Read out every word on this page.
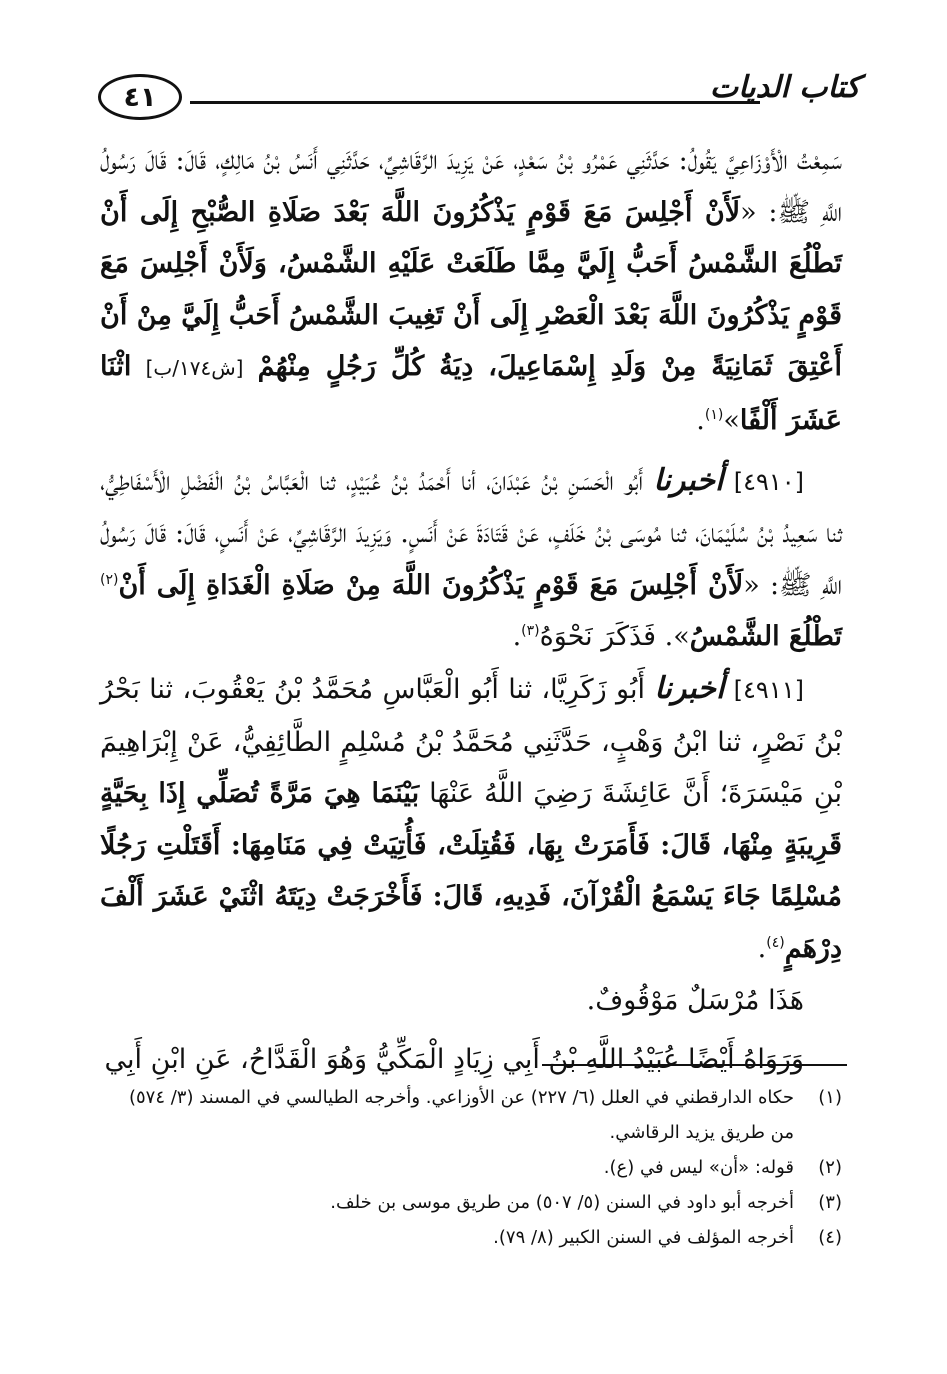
٤١	كتاب الديات

سَمِعْتُ الْأَوْزَاعِيَّ يَقُولُ: حَدَّثَنِي عَمْرُو بْنُ سَعْدٍ، عَنْ يَزِيدَ الرَّقَاشِيِّ، حَدَّثَنِي أَنَسُ بْنُ مَالِكٍ، قَالَ: قَالَ رَسُولُ اللَّهِ ﷺ: «لَأَنْ أَجْلِسَ مَعَ قَوْمٍ يَذْكُرُونَ اللَّهَ بَعْدَ صَلَاةِ الصُّبْحِ إِلَى أَنْ تَطْلُعَ الشَّمْسُ أَحَبُّ إِلَيَّ مِمَّا طَلَعَتْ عَلَيْهِ الشَّمْسُ، وَلَأَنْ أَجْلِسَ مَعَ قَوْمٍ يَذْكُرُونَ اللَّهَ بَعْدَ الْعَصْرِ إِلَى أَنْ تَغِيبَ الشَّمْسُ أَحَبُّ إِلَيَّ مِنْ أَنْ أَعْتِقَ ثَمَانِيَةً مِنْ وَلَدِ إِسْمَاعِيلَ، دِيَةُ كُلِّ رَجُلٍ مِنْهُمْ [ش١٧٤/ب] اثْنَا عَشَرَ أَلْفًا»$^{(١)}$.

[٤٩١٠] أخبرنا أَبُو الْحَسَنِ بْنُ عَبْدَانَ، أنا أَحْمَدُ بْنُ عُبَيْدٍ، ثنا الْعَبَّاسُ بْنُ الْفَضْلِ الْأَسْفَاطِيُّ، ثنا سَعِيدُ بْنُ سُلَيْمَانَ، ثنا مُوسَى بْنُ خَلَفٍ، عَنْ قَتَادَةَ عَنْ أَنَسٍ. وَيَزِيدَ الرَّقَاشِيِّ، عَنْ أَنَسٍ، قَالَ: قَالَ رَسُولُ اللَّهِ ﷺ: «لَأَنْ أَجْلِسَ مَعَ قَوْمٍ يَذْكُرُونَ اللَّهَ مِنْ صَلَاةِ الْغَدَاةِ إِلَى أَنْ$^{(٢)}$ تَطْلُعَ الشَّمْسُ». فَذَكَرَ نَحْوَهُ$^{(٣)}$.

[٤٩١١] أخبرنا أَبُو زَكَرِيَّا، ثنا أَبُو الْعَبَّاسِ مُحَمَّدُ بْنُ يَعْقُوبَ، ثنا بَحْرُ بْنُ نَصْرٍ، ثنا ابْنُ وَهْبٍ، حَدَّثَنِي مُحَمَّدُ بْنُ مُسْلِمٍ الطَّائِفِيُّ، عَنْ إِبْرَاهِيمَ بْنِ مَيْسَرَةَ؛ أَنَّ عَائِشَةَ رَضِيَ اللَّهُ عَنْهَا بَيْنَمَا هِيَ مَرَّةً تُصَلِّي إِذَا بِحَيَّةٍ قَرِيبَةٍ مِنْهَا، قَالَ: فَأَمَرَتْ بِهَا، فَقُتِلَتْ، فَأُتِيَتْ فِي مَنَامِهَا: أَقَتَلْتِ رَجُلًا مُسْلِمًا جَاءَ يَسْمَعُ الْقُرْآنَ، فَدِيهِ، قَالَ: فَأَخْرَجَتْ دِيَتَهُ اثْنَيْ عَشَرَ أَلْفَ دِرْهَمٍ$^{(٤)}$.

هَذَا مُرْسَلٌ مَوْقُوفٌ.

وَرَوَاهُ أَيْضًا عُبَيْدُ اللَّهِ بْنُ أَبِي زِيَادٍ الْمَكِّيُّ وَهُوَ الْقَدَّاحُ، عَنِ ابْنِ أَبِي

(١)
حكاه الدارقطني في العلل (٦/ ٢٢٧) عن الأوزاعي. وأخرجه الطيالسي في المسند (٣/ ٥٧٤) من طريق يزيد الرقاشي.
(٢)
قوله: «أن» ليس في (ع).
(٣)
أخرجه أبو داود في السنن (٥/ ٥٠٧) من طريق موسى بن خلف.
(٤)
أخرجه المؤلف في السنن الكبير (٨/ ٧٩).
